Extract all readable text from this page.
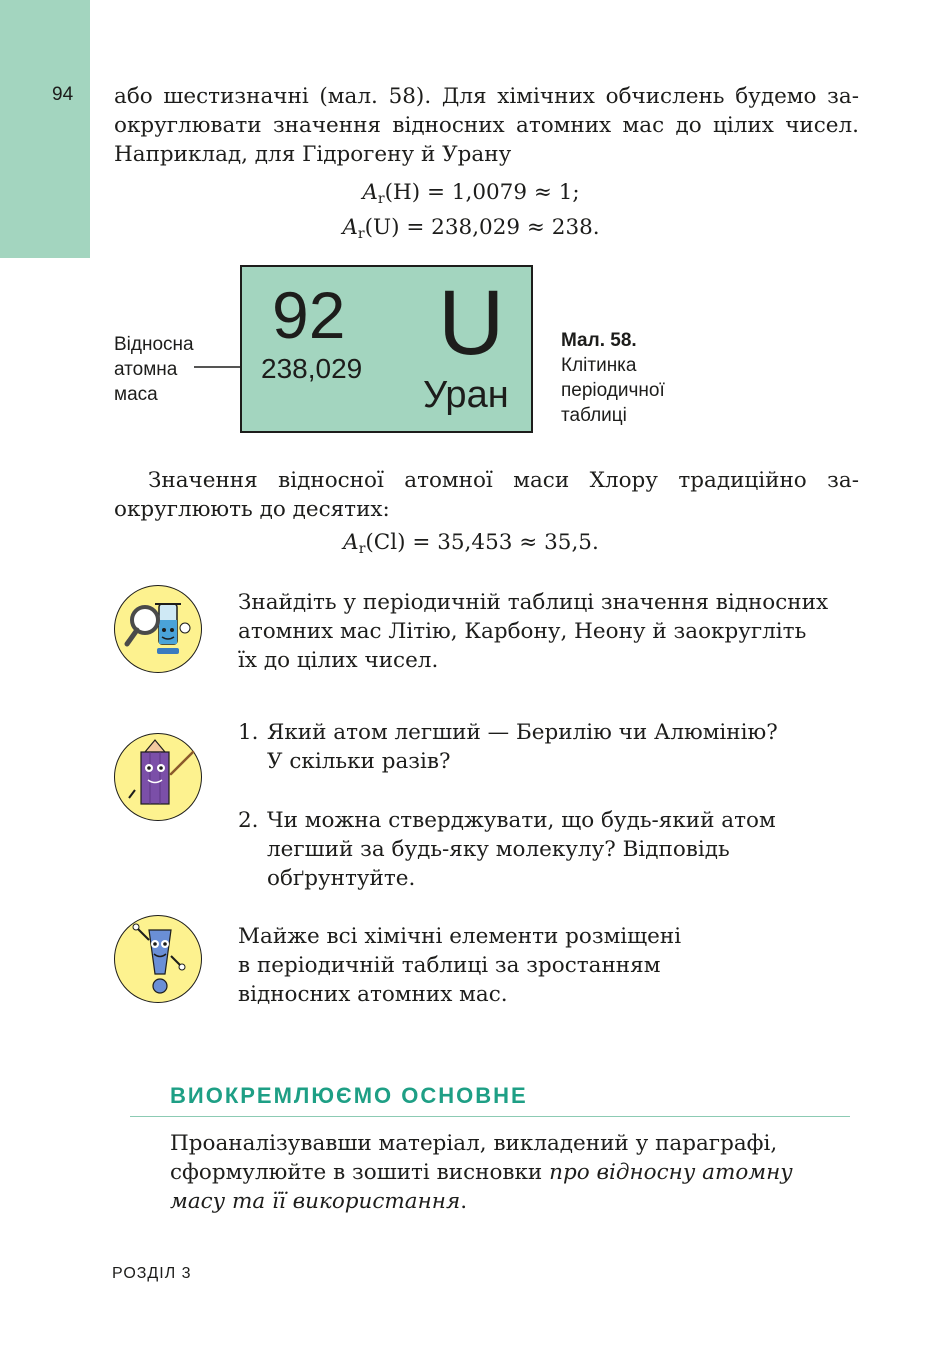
94 або шестизначні (мал. 58). Для хімічних обчислень будемо за-
округлювати значення відносних атомних мас до цілих чисел.
Наприклад, для Гідрогену й Урану
$A_r(H) = 1,0079 \approx 1$;
$A_r(U) = 238,029 \approx 238$.
Відносна
атомна
маса
92
238,029 U
Уран
Мал. 58.
Клітинка
періодичної
таблиці
Значення відносної атомної маси Хлору традиційно за-
округлюють до десятих:
$A_r(Cl) = 35,453 \approx 35,5$.
Знайдіть у періодичній таблиці значення відносних
атомних мас Літію, Карбону, Неону й заокругліть
їх до цілих чисел.
1. Який атом легший — Берилію чи Алюмінію?
У скільки разів?
2. Чи можна стверджувати, що будь-який атом
легший за будь-яку молекулу? Відповідь
обґрунтуйте.
Майже всі хімічні елементи розміщені
в періодичній таблиці за зростанням
відносних атомних мас.
ВИОКРЕМЛЮЄМО ОСНОВНЕ
Проаналізувавши матеріал, викладений у параграфі,
сформулюйте в зошиті висновки про відносну атомну
масу та її використання.
РОЗДІЛ 3
